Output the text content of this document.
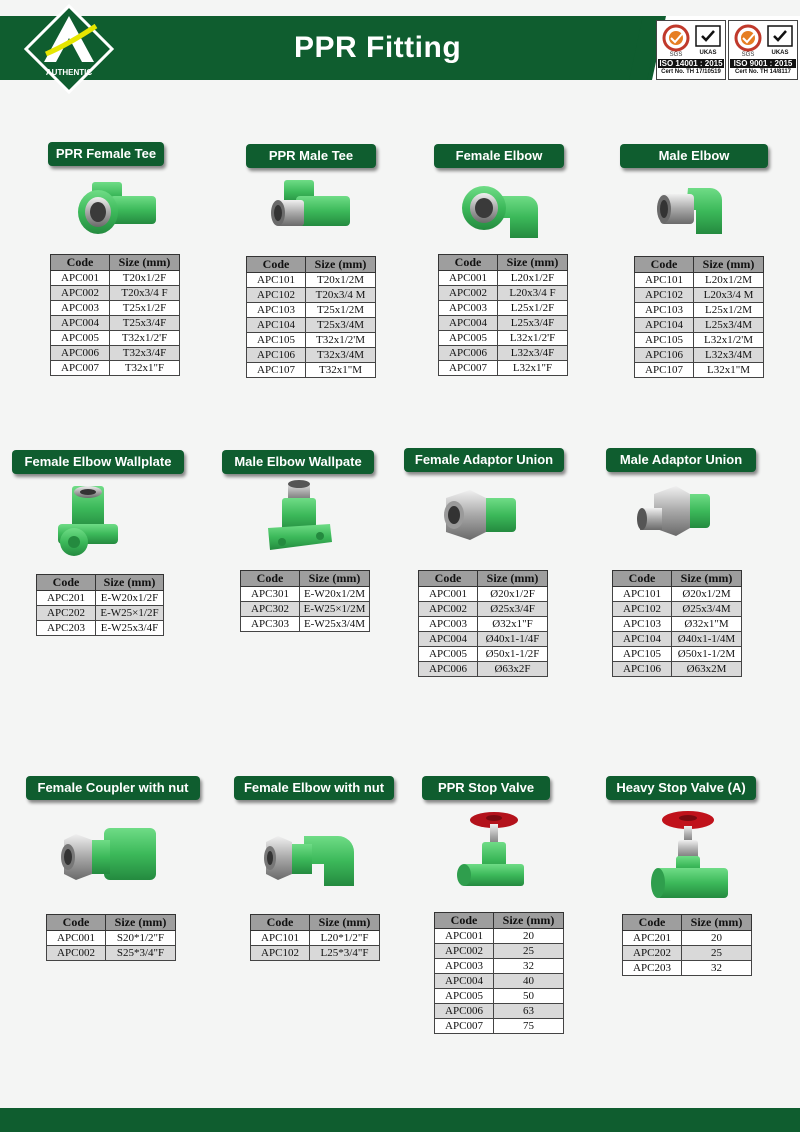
AUTHENTIC
PPR Fitting	SGS	UKAS
ISO 14001 : 2015
Cert No. TH 17/10519
SGS	UKAS
ISO 9001 : 2015
Cert No. TH 14/8117
PPR Female Tee	PPR Male Tee	Female Elbow	Male Elbow
Female Elbow Wallplate	Male Elbow Wallpate	Female Adaptor Union	Male Adaptor Union
Female Coupler with nut	Female Elbow with nut	PPR Stop Valve	Heavy Stop Valve (A)
Code	Size (mm)
APC001	T20x1/2F
APC002	T20x3/4 F
APC003	T25x1/2F
APC004	T25x3/4F
APC005	T32x1/2'F
APC006	T32x3/4F
APC007	T32x1"F
Code	Size (mm)
APC101	T20x1/2M
APC102	T20x3/4 M
APC103	T25x1/2M
APC104	T25x3/4M
APC105	T32x1/2'M
APC106	T32x3/4M
APC107	T32x1"M
Code	Size (mm)
APC001	L20x1/2F
APC002	L20x3/4 F
APC003	L25x1/2F
APC004	L25x3/4F
APC005	L32x1/2'F
APC006	L32x3/4F
APC007	L32x1"F
Code	Size (mm)
APC101	L20x1/2M
APC102	L20x3/4 M
APC103	L25x1/2M
APC104	L25x3/4M
APC105	L32x1/2'M
APC106	L32x3/4M
APC107	L32x1"M
Code	Size (mm)
APC201	E-W20x1/2F
APC202	E-W25×1/2F
APC203	E-W25x3/4F
Code	Size (mm)
APC301	E-W20x1/2M
APC302	E-W25×1/2M
APC303	E-W25x3/4M
Code	Size (mm)
APC001	Ø20x1/2F
APC002	Ø25x3/4F
APC003	Ø32x1"F
APC004	Ø40x1-1/4F
APC005	Ø50x1-1/2F
APC006	Ø63x2F
Code	Size (mm)
APC101	Ø20x1/2M
APC102	Ø25x3/4M
APC103	Ø32x1"M
APC104	Ø40x1-1/4M
APC105	Ø50x1-1/2M
APC106	Ø63x2M
Code	Size (mm)
APC001	S20*1/2"F
APC002	S25*3/4"F
Code	Size (mm)
APC101	L20*1/2"F
APC102	L25*3/4"F
Code	Size (mm)
APC001	20
APC002	25
APC003	32
APC004	40
APC005	50
APC006	63
APC007	75
Code	Size (mm)
APC201	20
APC202	25
APC203	32
